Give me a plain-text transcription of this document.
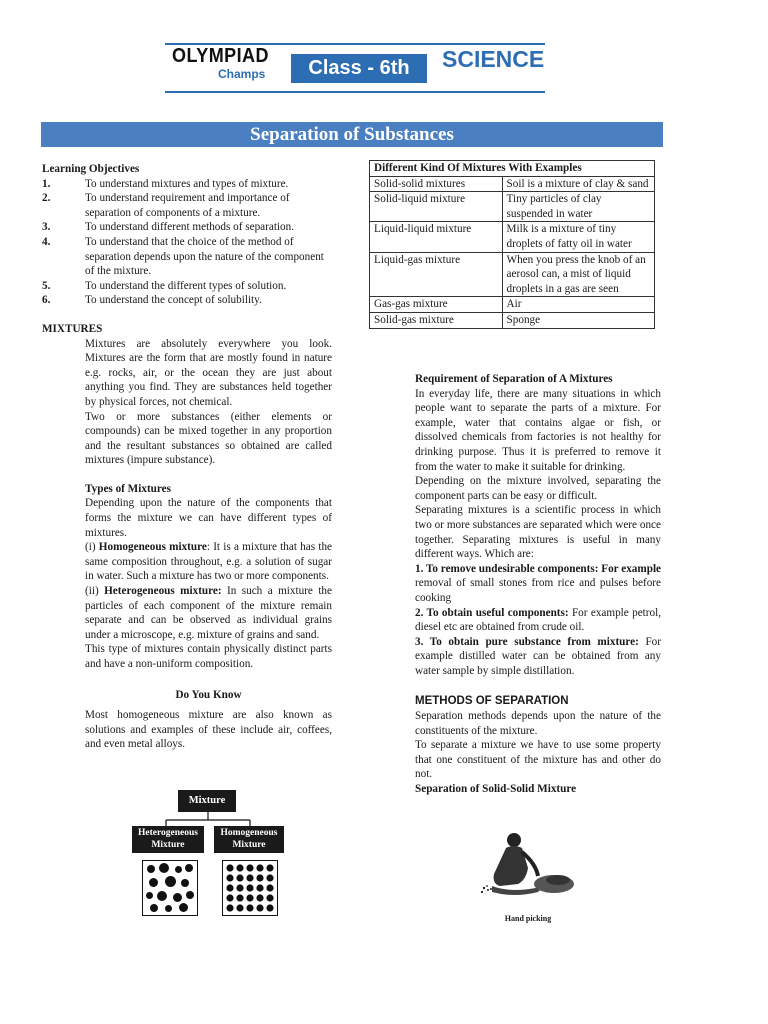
OLYMPIAD
Champs	Class - 6th	SCIENCE
Separation of Substances
Learning Objectives
1.	To understand mixtures and types of mixture.
2.	To understand requirement and importance of separation of components of a mixture.
3.	To understand different methods of separation.
4.	To understand that the choice of the method of separation depends upon the nature of the component of the mixture.
5.	To understand the different types of solution.
6.	To understand the concept of solubility.
MIXTURES

Mixtures are absolutely everywhere you look. Mixtures are the form that are mostly found in nature e.g. rocks, air, or the ocean they are just about anything you find. They are substances held together by physical forces, not chemical.

Two or more substances (either elements or compounds) can be mixed together in any proportion and the resultant substances so obtained are called mixtures (impure substance).

Types of Mixtures

Depending upon the nature of the components that forms the mixture we can have different types of mixtures.

(i) Homogeneous mixture: It is a mixture that has the same composition throughout, e.g. a solution of sugar in water. Such a mixture has two or more components.

(ii) Heterogeneous mixture: In such a mixture the particles of each component of the mixture remain separate and can be observed as individual grains under a microscope, e.g. mixture of grains and sand.

This type of mixtures contain physically distinct parts and have a non-uniform composition.

Do You Know

Most homogeneous mixture are also known as solutions and examples of these include air, coffees, and even metal alloys.

Mixture
Heterogeneous
Mixture
Homogeneous
Mixture
Different Kind Of Mixtures With Examples	
Solid-solid mixtures	Soil is a mixture of clay & sand
Solid-liquid mixture	Tiny particles of clay suspended in water
Liquid-liquid mixture	Milk is a mixture of tiny droplets of fatty oil in water
Liquid-gas mixture	When you press the knob of an aerosol can, a mist of liquid droplets in a gas are seen
Gas-gas mixture	Air
Solid-gas mixture	Sponge
Requirement of Separation of A Mixtures

In everyday life, there are many situations in which people want to separate the parts of a mixture. For example, water that contains algae or fish, or dissolved chemicals from factories is not healthy for drinking purpose. Thus it is preferred to remove it from the water to make it suitable for drinking.

Depending on the mixture involved, separating the component parts can be easy or difficult.

Separating mixtures is a scientific process in which two or more substances are separated which were once together. Separating mixtures is useful in many different ways. Which are:

1. To remove undesirable components: For example removal of small stones from rice and pulses before cooking

2. To obtain useful components: For example petrol, diesel etc are obtained from crude oil.

3. To obtain pure substance from mixture: For example distilled water can be obtained from any water sample by simple distillation.

METHODS OF SEPARATION

Separation methods depends upon the nature of the constituents of the mixture.

To separate a mixture we have to use some property that one constituent of the mixture has and other do not.

Separation of Solid-Solid Mixture
Hand picking
